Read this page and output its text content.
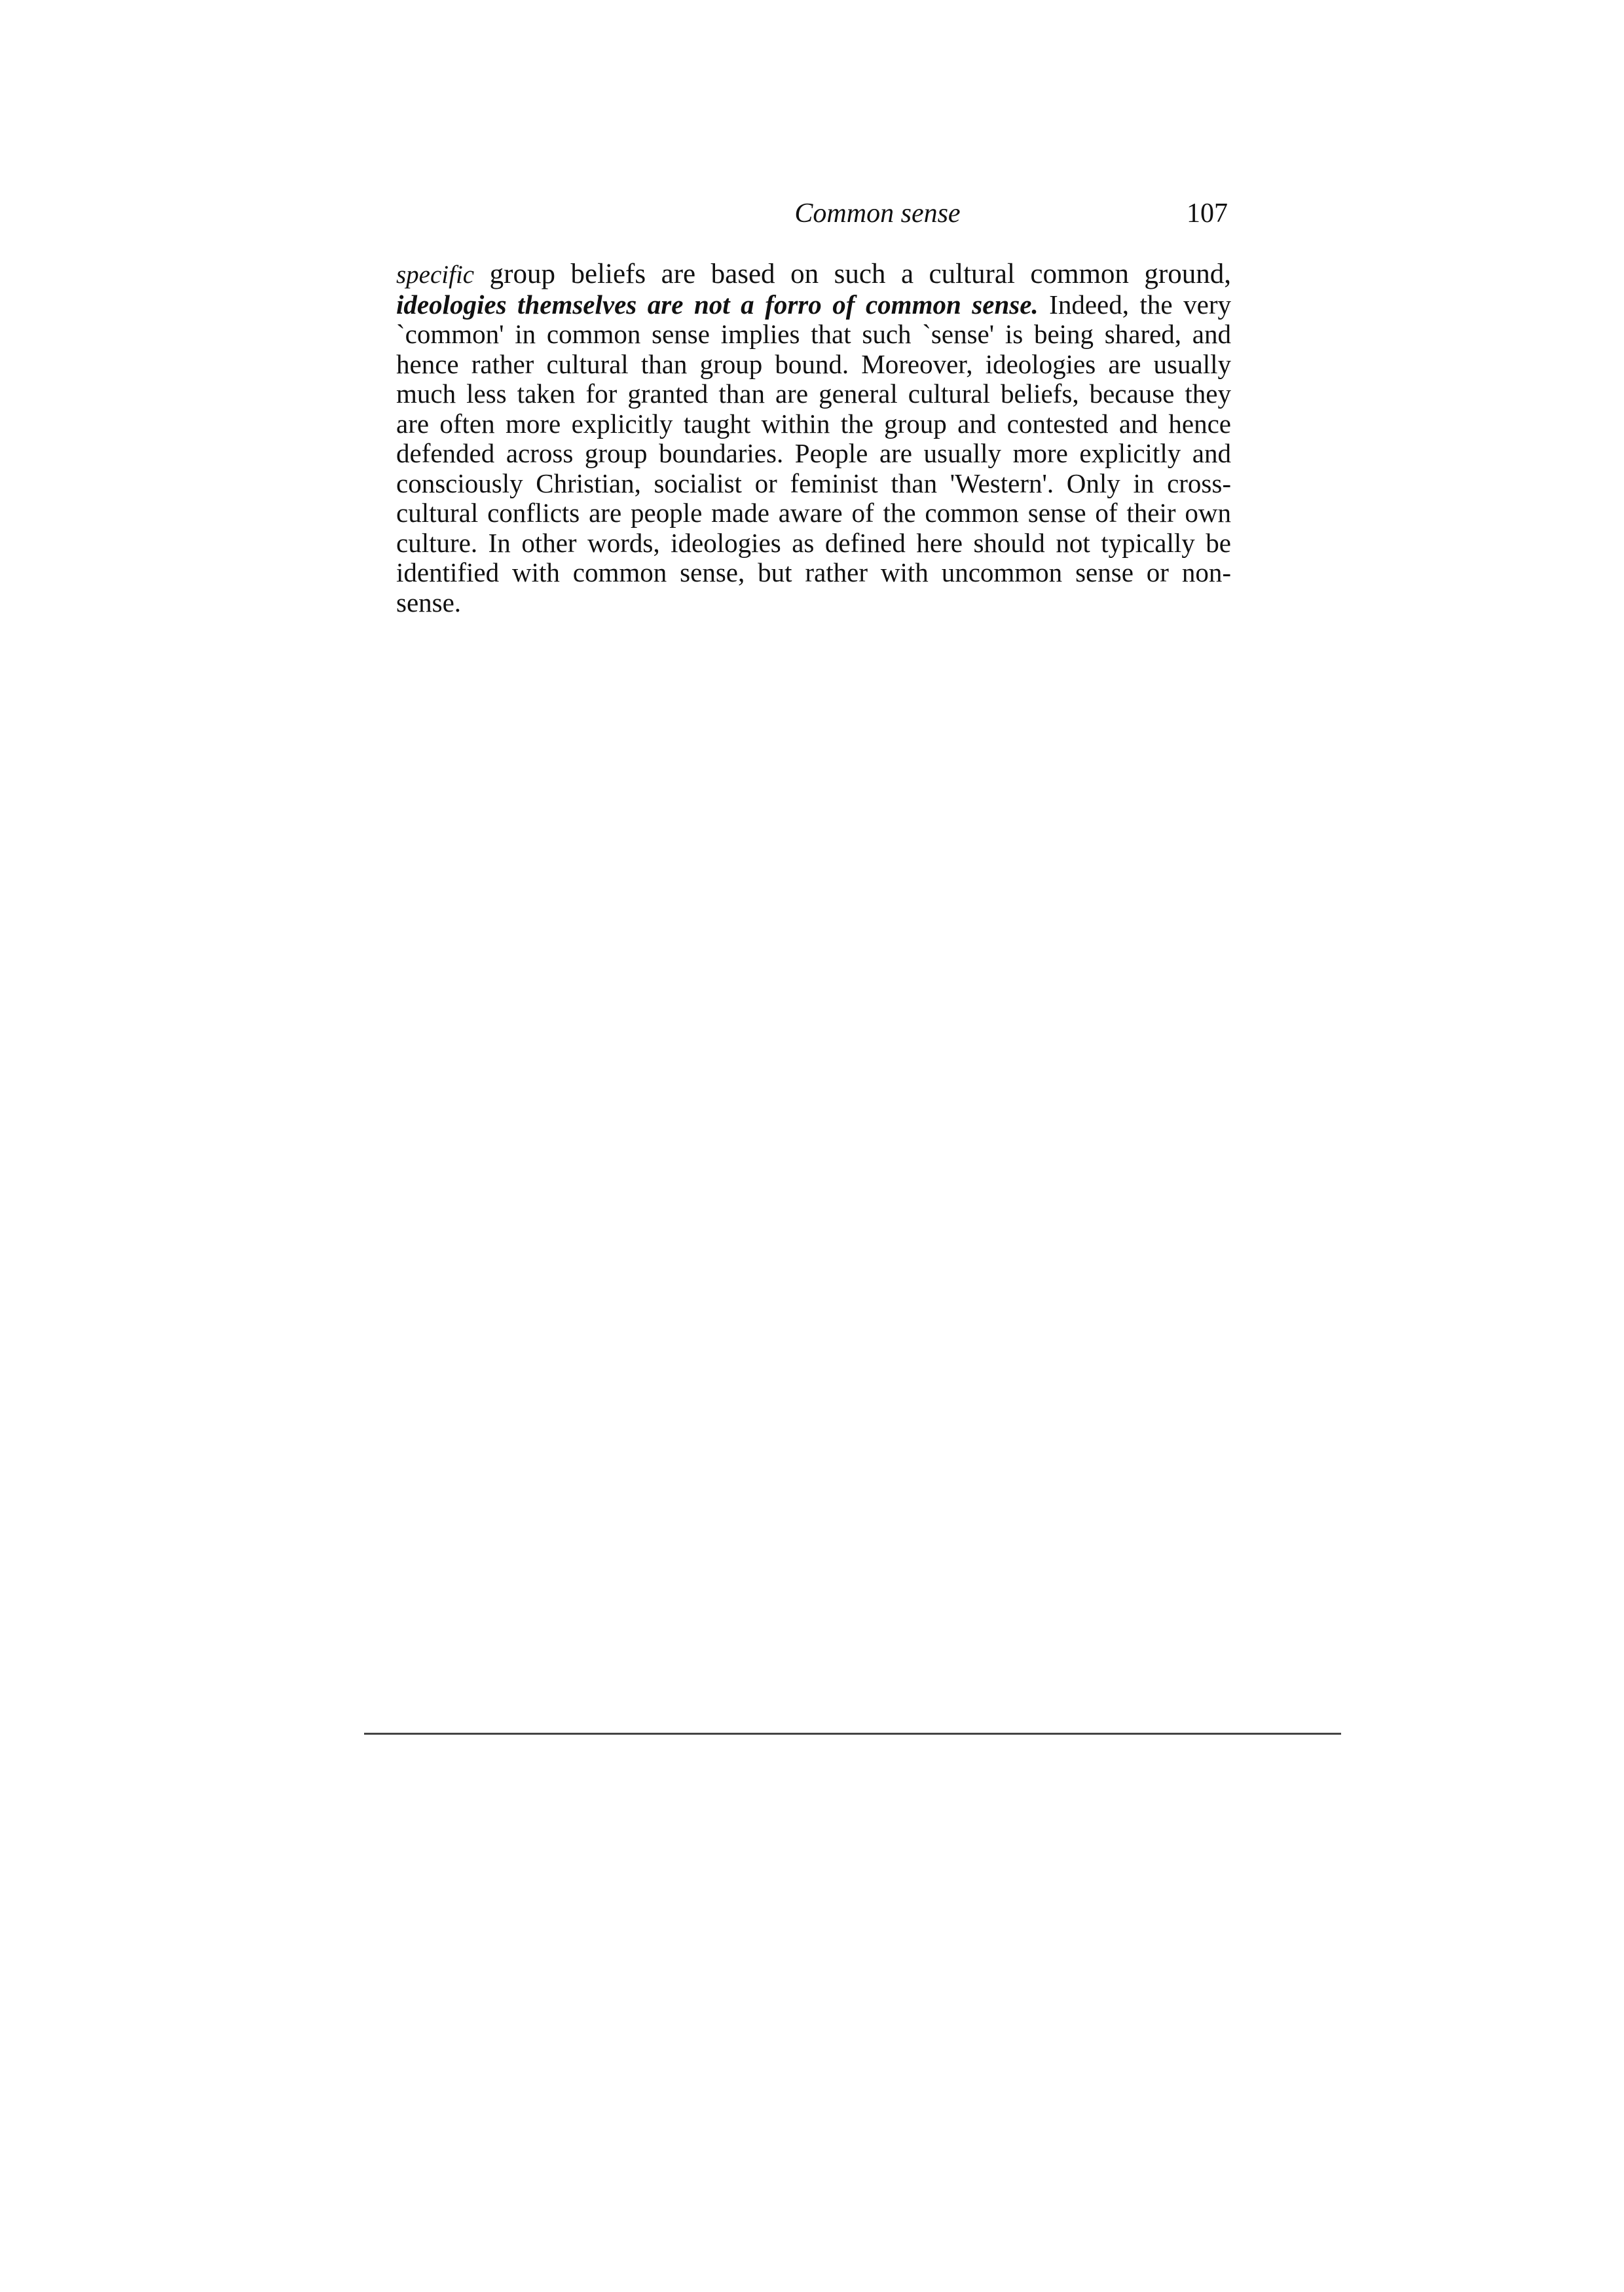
Common sense	107
specific group beliefs are based on such a cultural common ground,
ideologies themselves are not a forro of common sense. Indeed, the very
`common' in common sense implies that such `sense' is being shared, and
hence rather cultural than group bound. Moreover, ideologies are usually
much less taken for granted than are general cultural beliefs, because they
are often more explicitly taught within the group and contested and hence
defended across group boundaries. People are usually more explicitly and
consciously Christian, socialist or feminist than 'Western'. Only in cross-
cultural conflicts are people made aware of the common sense of their own
culture. In other words, ideologies as defined here should not typically be
identified with common sense, but rather with uncommon sense or non-
sense.
